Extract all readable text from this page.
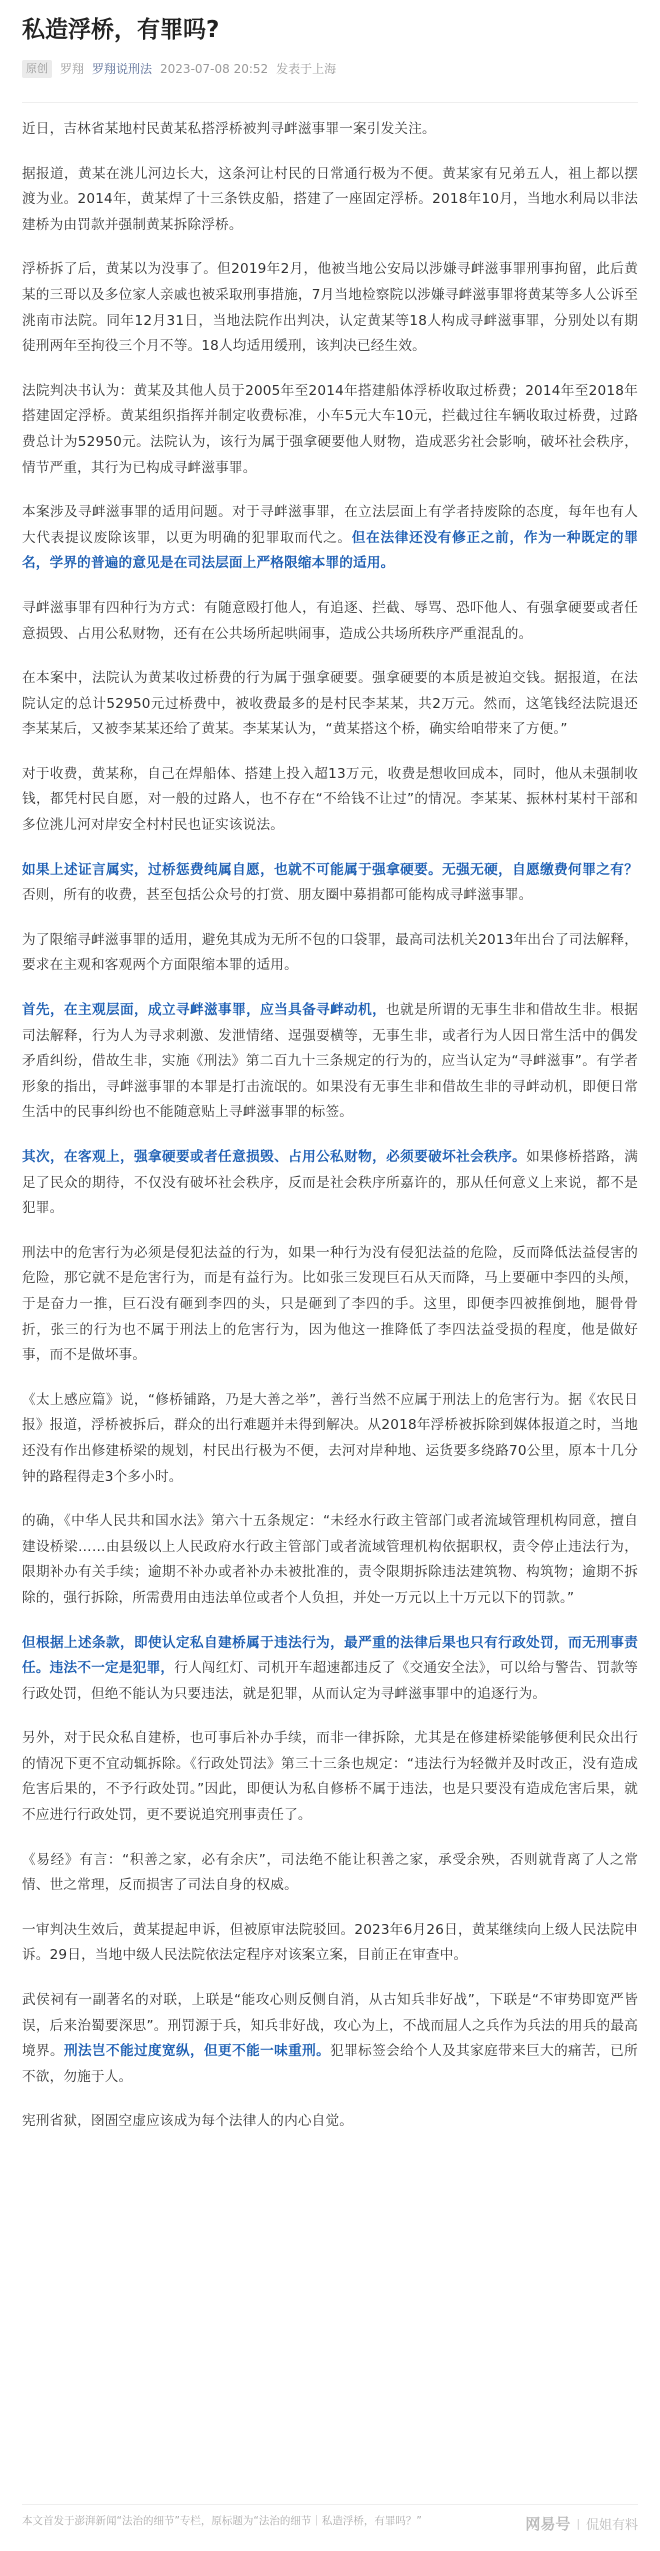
私造浮桥，有罪吗?
原创	罗翔 罗翔说刑法 2023-07-08 20:52 发表于上海

近日，吉林省某地村民黄某私搭浮桥被判寻衅滋事罪一案引发关注。

据报道，黄某在洮儿河边长大，这条河让村民的日常通行极为不便。黄某家有兄弟五人，祖上都以摆渡为业。2014年，黄某焊了十三条铁皮船，搭建了一座固定浮桥。2018年10月，当地水利局以非法建桥为由罚款并强制黄某拆除浮桥。

浮桥拆了后，黄某以为没事了。但2019年2月，他被当地公安局以涉嫌寻衅滋事罪刑事拘留，此后黄某的三哥以及多位家人亲戚也被采取刑事措施，7月当地检察院以涉嫌寻衅滋事罪将黄某等多人公诉至洮南市法院。同年12月31日，当地法院作出判决，认定黄某等18人构成寻衅滋事罪，分别处以有期徒刑两年至拘役三个月不等。18人均适用缓刑，该判决已经生效。

法院判决书认为：黄某及其他人员于2005年至2014年搭建船体浮桥收取过桥费；2014年至2018年搭建固定浮桥。黄某组织指挥并制定收费标准，小车5元大车10元，拦截过往车辆收取过桥费，过路费总计为52950元。法院认为，该行为属于强拿硬要他人财物，造成恶劣社会影响，破坏社会秩序，情节严重，其行为已构成寻衅滋事罪。

本案涉及寻衅滋事罪的适用问题。对于寻衅滋事罪，在立法层面上有学者持废除的态度，每年也有人大代表提议废除该罪，以更为明确的犯罪取而代之。但在法律还没有修正之前，作为一种既定的罪名，学界的普遍的意见是在司法层面上严格限缩本罪的适用。

寻衅滋事罪有四种行为方式：有随意殴打他人，有追逐、拦截、辱骂、恐吓他人、有强拿硬要或者任意损毁、占用公私财物，还有在公共场所起哄闹事，造成公共场所秩序严重混乱的。

在本案中，法院认为黄某收过桥费的行为属于强拿硬要。强拿硬要的本质是被迫交钱。据报道，在法院认定的总计52950元过桥费中，被收费最多的是村民李某某，共2万元。然而，这笔钱经法院退还李某某后，又被李某某还给了黄某。李某某认为，“黄某搭这个桥，确实给咱带来了方便。”

对于收费，黄某称，自己在焊船体、搭建上投入超13万元，收费是想收回成本，同时，他从未强制收钱，都凭村民自愿，对一般的过路人，也不存在“不给钱不让过”的情况。李某某、振林村某村干部和多位洮儿河对岸安全村村民也证实该说法。

如果上述证言属实，过桥惩费纯属自愿，也就不可能属于强拿硬要。无强无硬，自愿缴费何罪之有？否则，所有的收费，甚至包括公众号的打赏、朋友圈中募捐都可能构成寻衅滋事罪。

为了限缩寻衅滋事罪的适用，避免其成为无所不包的口袋罪，最高司法机关2013年出台了司法解释，要求在主观和客观两个方面限缩本罪的适用。

首先，在主观层面，成立寻衅滋事罪，应当具备寻衅动机，也就是所谓的无事生非和借故生非。根据司法解释，行为人为寻求刺激、发泄情绪、逞强耍横等，无事生非，或者行为人因日常生活中的偶发矛盾纠纷，借故生非，实施《刑法》第二百九十三条规定的行为的，应当认定为“寻衅滋事”。有学者形象的指出，寻衅滋事罪的本罪是打击流氓的。如果没有无事生非和借故生非的寻衅动机，即便日常生活中的民事纠纷也不能随意贴上寻衅滋事罪的标签。

其次，在客观上，强拿硬要或者任意损毁、占用公私财物，必须要破坏社会秩序。如果修桥搭路，满足了民众的期待，不仅没有破坏社会秩序，反而是社会秩序所嘉许的，那从任何意义上来说，都不是犯罪。

刑法中的危害行为必须是侵犯法益的行为，如果一种行为没有侵犯法益的危险，反而降低法益侵害的危险，那它就不是危害行为，而是有益行为。比如张三发现巨石从天而降，马上要砸中李四的头颅，于是奋力一推，巨石没有砸到李四的头，只是砸到了李四的手。这里，即便李四被推倒地，腿骨骨折，张三的行为也不属于刑法上的危害行为，因为他这一推降低了李四法益受损的程度，他是做好事，而不是做坏事。

《太上感应篇》说，“修桥铺路，乃是大善之举”，善行当然不应属于刑法上的危害行为。据《农民日报》报道，浮桥被拆后，群众的出行难题并未得到解决。从2018年浮桥被拆除到媒体报道之时，当地还没有作出修建桥梁的规划，村民出行极为不便，去河对岸种地、运货要多绕路70公里，原本十几分钟的路程得走3个多小时。

的确，《中华人民共和国水法》第六十五条规定：“未经水行政主管部门或者流域管理机构同意，擅自建设桥梁……由县级以上人民政府水行政主管部门或者流域管理机构依据职权，责令停止违法行为，限期补办有关手续；逾期不补办或者补办未被批准的，责令限期拆除违法建筑物、构筑物；逾期不拆除的，强行拆除，所需费用由违法单位或者个人负担，并处一万元以上十万元以下的罚款。”

但根据上述条款，即使认定私自建桥属于违法行为，最严重的法律后果也只有行政处罚，而无刑事责任。违法不一定是犯罪，行人闯红灯、司机开车超速都违反了《交通安全法》，可以给与警告、罚款等行政处罚，但绝不能认为只要违法，就是犯罪，从而认定为寻衅滋事罪中的追逐行为。

另外，对于民众私自建桥，也可事后补办手续，而非一律拆除，尤其是在修建桥梁能够便利民众出行的情况下更不宜动辄拆除。《行政处罚法》第三十三条也规定：“违法行为轻微并及时改正，没有造成危害后果的，不予行政处罚。”因此，即便认为私自修桥不属于违法，也是只要没有造成危害后果，就不应进行行政处罚，更不要说追究刑事责任了。

《易经》有言：“积善之家，必有余庆”，司法绝不能让积善之家，承受余殃，否则就背离了人之常情、世之常理，反而损害了司法自身的权威。

一审判决生效后，黄某提起申诉，但被原审法院驳回。2023年6月26日，黄某继续向上级人民法院申诉。29日，当地中级人民法院依法定程序对该案立案，目前正在审查中。

武侯祠有一副著名的对联，上联是“能攻心则反侧自消，从古知兵非好战”，下联是“不审势即宽严皆误，后来治蜀要深思”。刑罚源于兵，知兵非好战，攻心为上，不战而屈人之兵作为兵法的用兵的最高境界。刑法岂不能过度宽纵，但更不能一味重刑。犯罪标签会给个人及其家庭带来巨大的痛苦，已所不欲，勿施于人。

宪刑省狱，囹圄空虚应该成为每个法律人的内心自觉。

本文首发于澎湃新闻“法治的细节”专栏，原标题为“法治的细节｜私造浮桥，有罪吗？”	网易号 | 侃姐有料
